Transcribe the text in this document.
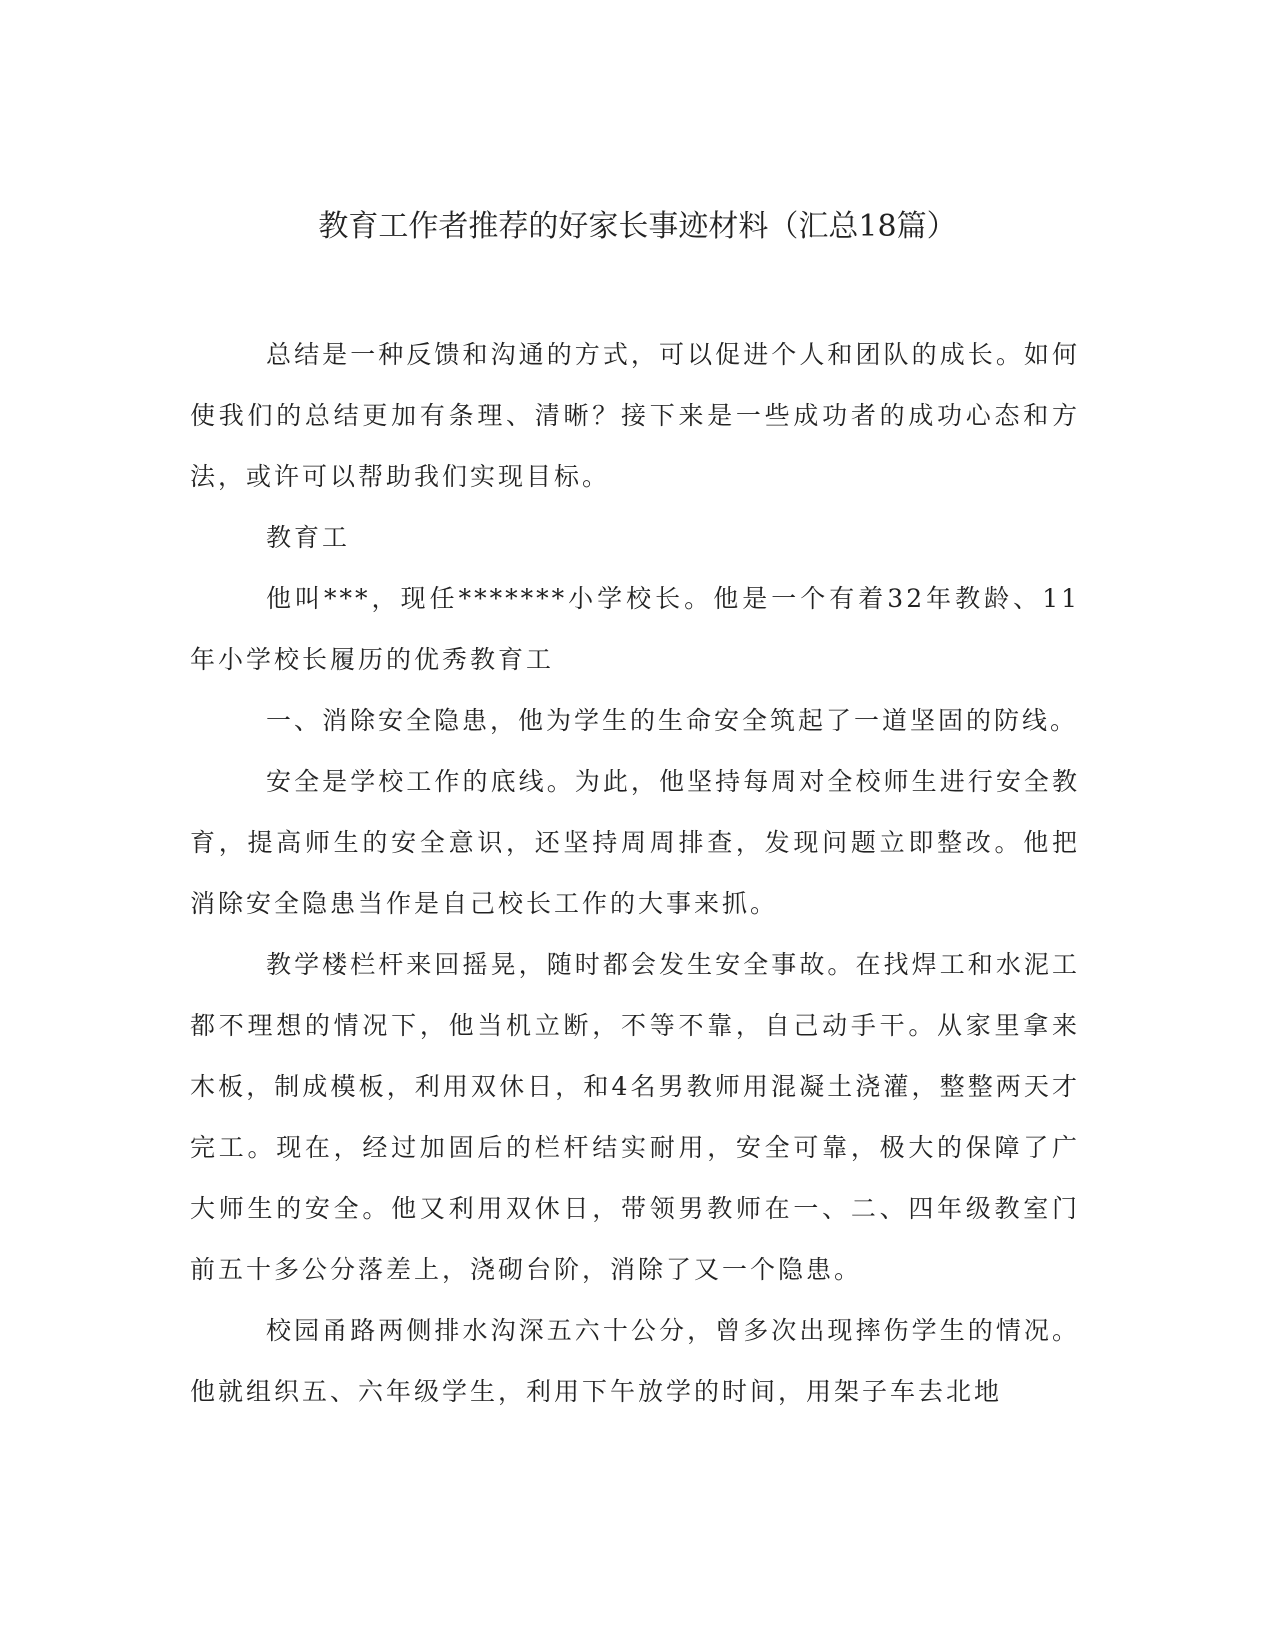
教育工作者推荐的好家长事迹材料（汇总18篇）

总结是一种反馈和沟通的方式，可以促进个人和团队的成长。如何使我们的总结更加有条理、清晰？接下来是一些成功者的成功心态和方法，或许可以帮助我们实现目标。

教育工

他叫***，现任*******小学校长。他是一个有着32年教龄、11年小学校长履历的优秀教育工

一、消除安全隐患，他为学生的生命安全筑起了一道坚固的防线。

安全是学校工作的底线。为此，他坚持每周对全校师生进行安全教育，提高师生的安全意识，还坚持周周排查，发现问题立即整改。他把消除安全隐患当作是自己校长工作的大事来抓。

教学楼栏杆来回摇晃，随时都会发生安全事故。在找焊工和水泥工都不理想的情况下，他当机立断，不等不靠，自己动手干。从家里拿来木板，制成模板，利用双休日，和4名男教师用混凝土浇灌，整整两天才完工。现在，经过加固后的栏杆结实耐用，安全可靠，极大的保障了广大师生的安全。他又利用双休日，带领男教师在一、二、四年级教室门前五十多公分落差上，浇砌台阶，消除了又一个隐患。

校园甬路两侧排水沟深五六十公分，曾多次出现摔伤学生的情况。他就组织五、六年级学生，利用下午放学的时间，用架子车去北地
